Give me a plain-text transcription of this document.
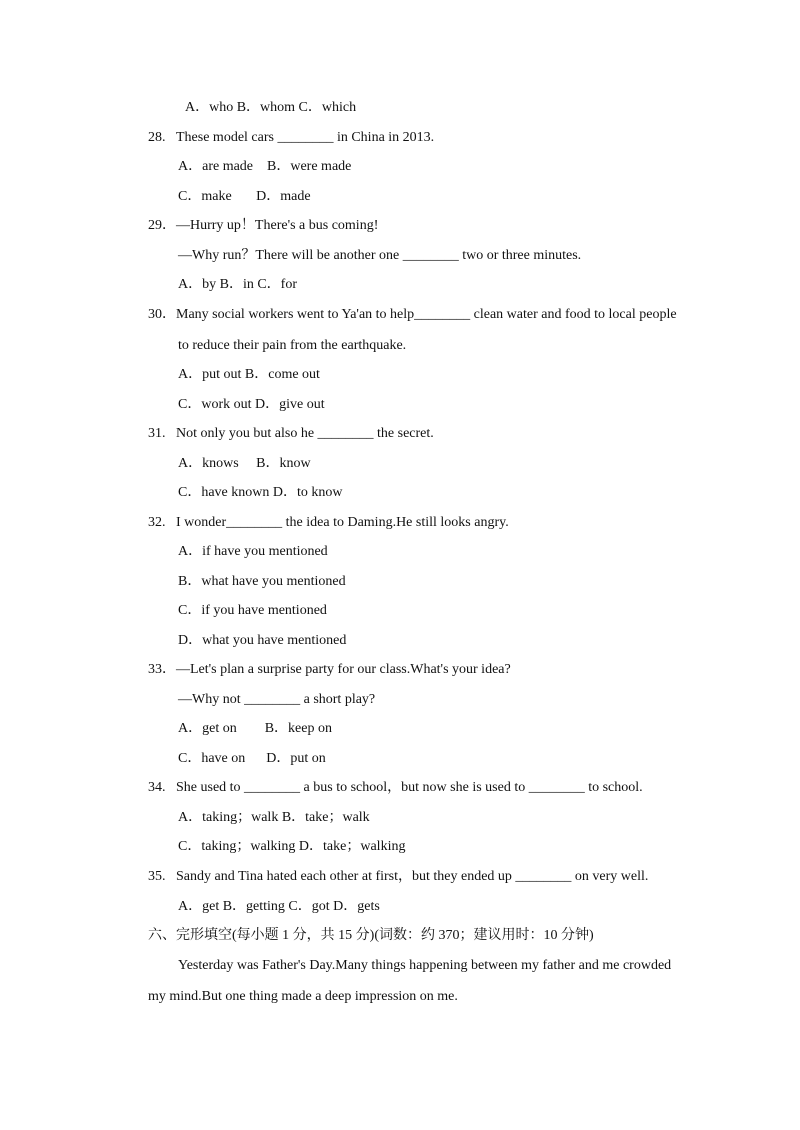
A．who B．whom C．which
28.   These model cars ________ in China in 2013.
A．are made    B．were made
C．make       D．made
29．—Hurry up！There's a bus coming!
—Why run？There will be another one ________ two or three minutes.
A．by B．in C．for
30．Many social workers went to Ya'an to help________ clean water and food to local people
to reduce their pain from the earthquake.
A．put out B．come out
C．work out D．give out
31.   Not only you but also he ________ the secret.
A．knows     B．know
C．have known D．to know
32.   I wonder________ the idea to Daming.He still looks angry.
A．if have you mentioned
B．what have you mentioned
C．if you have mentioned
D．what you have mentioned
33．—Let's plan a surprise party for our class.What's your idea?
—Why not ________ a short play?
A．get on        B．keep on
C．have on      D．put on
34.   She used to ________ a bus to school，but now she is used to ________ to school.
A．taking；walk B．take；walk
C．taking；walking D．take；walking
35.   Sandy and Tina hated each other at first，but they ended up ________ on very well.
A．get B．getting C．got D．gets
六、完形填空(每小题 1 分，共 15 分)(词数：约 370；建议用时：10 分钟)
Yesterday was Father's Day.Many things happening between my father and me crowded
my mind.But one thing made a deep impression on me.
